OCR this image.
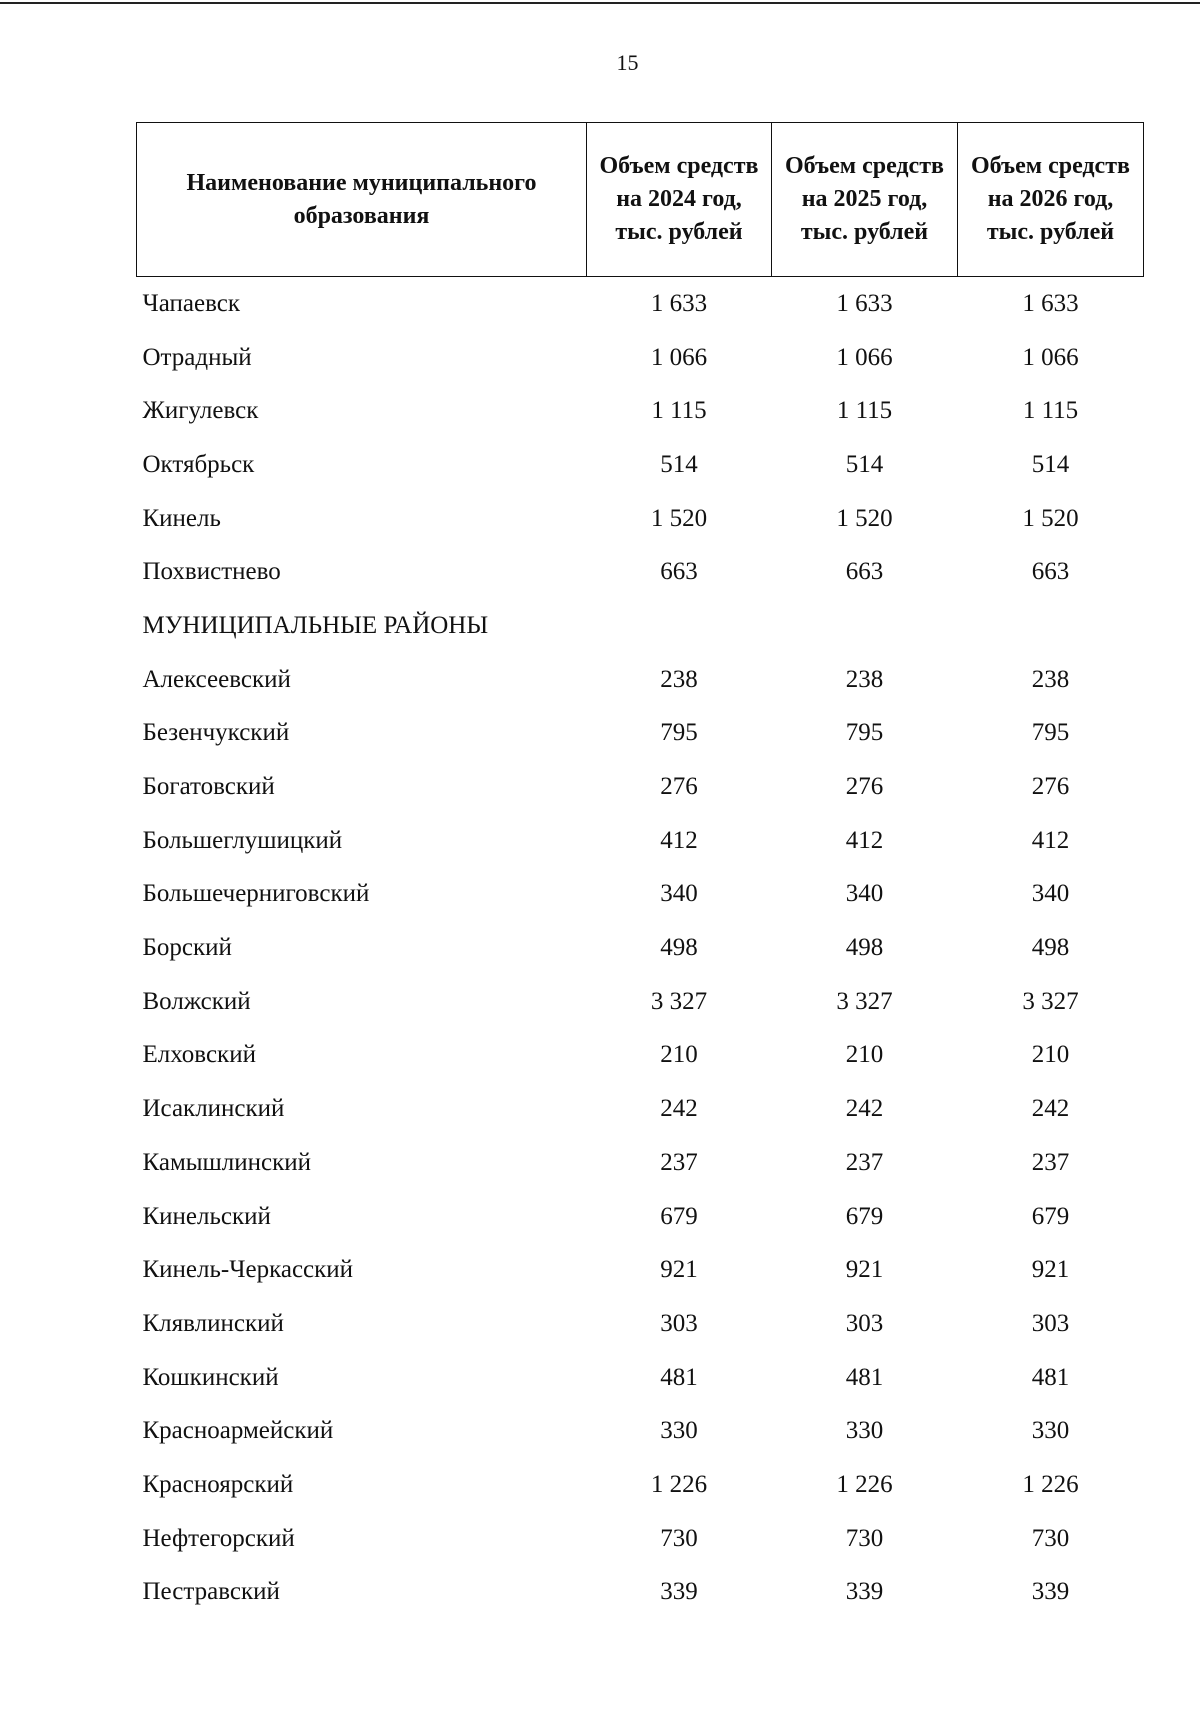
15
Наименование муниципального образования	Объем средств на 2024 год, тыс. рублей	Объем средств на 2025 год, тыс. рублей	Объем средств на 2026 год, тыс. рублей
Чапаевск	1 633	1 633	1 633
Отрадный	1 066	1 066	1 066
Жигулевск	1 115	1 115	1 115
Октябрьск	514	514	514
Кинель	1 520	1 520	1 520
Похвистнево	663	663	663
МУНИЦИПАЛЬНЫЕ РАЙОНЫ			
Алексеевский	238	238	238
Безенчукский	795	795	795
Богатовский	276	276	276
Большеглушицкий	412	412	412
Большечерниговский	340	340	340
Борский	498	498	498
Волжский	3 327	3 327	3 327
Елховский	210	210	210
Исаклинский	242	242	242
Камышлинский	237	237	237
Кинельский	679	679	679
Кинель-Черкасский	921	921	921
Клявлинский	303	303	303
Кошкинский	481	481	481
Красноармейский	330	330	330
Красноярский	1 226	1 226	1 226
Нефтегорский	730	730	730
Пестравский	339	339	339
